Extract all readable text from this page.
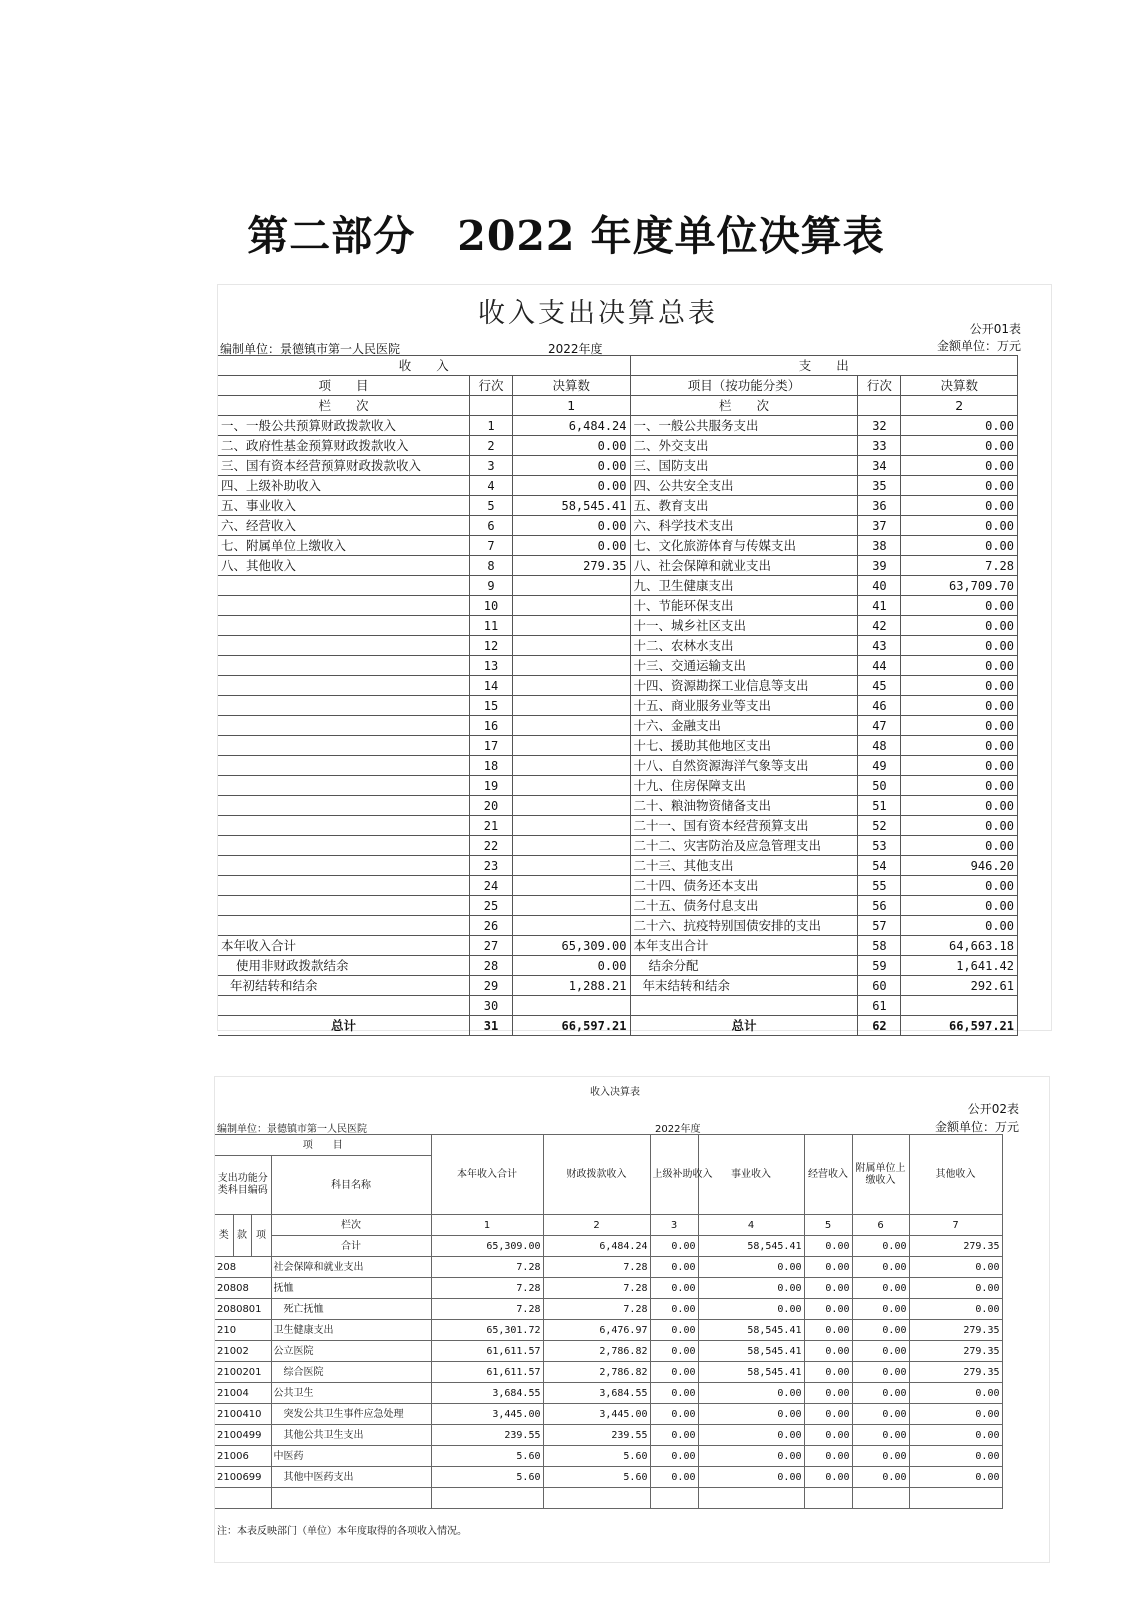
第二部分　2022 年度单位决算表
收入支出决算总表	公开01表
金额单位：万元
编制单位：景德镇市第一人民医院	2022年度
收　　入			支　　出		
项　　目	行次	决算数	项目（按功能分类）	行次	决算数
栏　　次		1	栏　　次		2
一、一般公共预算财政拨款收入	1	6,484.24	一、一般公共服务支出	32	0.00
二、政府性基金预算财政拨款收入	2	0.00	二、外交支出	33	0.00
三、国有资本经营预算财政拨款收入	3	0.00	三、国防支出	34	0.00
四、上级补助收入	4	0.00	四、公共安全支出	35	0.00
五、事业收入	5	58,545.41	五、教育支出	36	0.00
六、经营收入	6	0.00	六、科学技术支出	37	0.00
七、附属单位上缴收入	7	0.00	七、文化旅游体育与传媒支出	38	0.00
八、其他收入	8	279.35	八、社会保障和就业支出	39	7.28
	9		九、卫生健康支出	40	63,709.70
	10		十、节能环保支出	41	0.00
	11		十一、城乡社区支出	42	0.00
	12		十二、农林水支出	43	0.00
	13		十三、交通运输支出	44	0.00
	14		十四、资源勘探工业信息等支出	45	0.00
	15		十五、商业服务业等支出	46	0.00
	16		十六、金融支出	47	0.00
	17		十七、援助其他地区支出	48	0.00
	18		十八、自然资源海洋气象等支出	49	0.00
	19		十九、住房保障支出	50	0.00
	20		二十、粮油物资储备支出	51	0.00
	21		二十一、国有资本经营预算支出	52	0.00
	22		二十二、灾害防治及应急管理支出	53	0.00
	23		二十三、其他支出	54	946.20
	24		二十四、债务还本支出	55	0.00
	25		二十五、债务付息支出	56	0.00
	26		二十六、抗疫特别国债安排的支出	57	0.00
本年收入合计	27	65,309.00	本年支出合计	58	64,663.18
使用非财政拨款结余	28	0.00	结余分配	59	1,641.42
年初结转和结余	29	1,288.21	年末结转和结余	60	292.61
	30			61	
总计	31	66,597.21	总计	62	66,597.21
收入决算表
公开02表
金额单位：万元
编制单位：景德镇市第一人民医院	2022年度
项　　目				本年收入合计	财政拨款收入	上级补助收入	事业收入	经营收入	附属单位上缴收入	其他收入
支出功能分类科目编码			科目名称							

类	款	项	栏次	1	2	3	4	5	6	7
			合计	65,309.00	6,484.24	0.00	58,545.41	0.00	0.00	279.35
208			社会保障和就业支出	7.28	7.28	0.00	0.00	0.00	0.00	0.00
20808			抚恤	7.28	7.28	0.00	0.00	0.00	0.00	0.00
2080801			死亡抚恤	7.28	7.28	0.00	0.00	0.00	0.00	0.00
210			卫生健康支出	65,301.72	6,476.97	0.00	58,545.41	0.00	0.00	279.35
21002			公立医院	61,611.57	2,786.82	0.00	58,545.41	0.00	0.00	279.35
2100201			综合医院	61,611.57	2,786.82	0.00	58,545.41	0.00	0.00	279.35
21004			公共卫生	3,684.55	3,684.55	0.00	0.00	0.00	0.00	0.00
2100410			突发公共卫生事件应急处理	3,445.00	3,445.00	0.00	0.00	0.00	0.00	0.00
2100499			其他公共卫生支出	239.55	239.55	0.00	0.00	0.00	0.00	0.00
21006			中医药	5.60	5.60	0.00	0.00	0.00	0.00	0.00
2100699			其他中医药支出	5.60	5.60	0.00	0.00	0.00	0.00	0.00

注：本表反映部门（单位）本年度取得的各项收入情况。
